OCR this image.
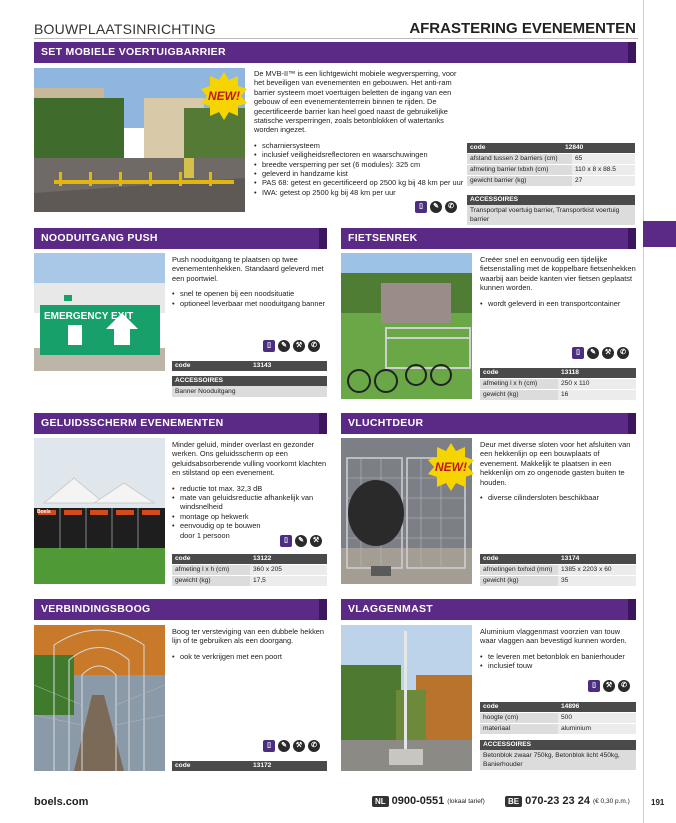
BOUWPLAATSINRICHTING	AFRASTERING EVENEMENTEN
SET MOBIELE VOERTUIGBARRIER
NEW!

De MVB-II™ is een lichtgewicht mobiele wegversperring, voor het beveiligen van evenementen en gebouwen. Het anti-ram barrier systeem moet voertuigen beletten de ingang van een gebouw of een evenemententerrein binnen te rijden. De gecertificeerde barrier kan heel goed naast de gebruikelijke statische versperringen, zoals betonblokken of watertanks worden ingezet.

• scharniersysteem
• inclusief veiligheidsreflectoren en waarschuwingen
• breedte versperring per set (6 modules): 325 cm
• geleverd in handzame kist
• PAS 68: getest en gecertificeerd op 2500 kg bij 48 km per uur
• IWA: getest op 2500 kg bij 48 km per uur
code	12840
afstand tussen 2 barriers (cm)	65
afmeting barrier lxbxh (cm)	110 x 8 x 88.5
gewicht barrier (kg)	27
ACCESSOIRES
Transportpal voertuig barrier, Transportkist voertuig barrier
▯	✎	✆
NOODUITGANG PUSH
EMERGENCY EXIT

Push nooduitgang te plaatsen op twee evenementenhekken. Standaard geleverd met een poortwiel.

• snel te openen bij een noodsituatie
• optioneel leverbaar met nooduitgang banner
▯	✎	⚒	✆
code	13143
ACCESSOIRES
Banner Nooduitgang
FIETSENREK

Creëer snel en eenvoudig een tijdelijke fietsenstalling met de koppelbare fietsenhekken waarbij aan beide kanten vier fietsen geplaatst kunnen worden.

• wordt geleverd in een transportcontainer
▯	✎	⚒	✆
code	13118
afmeting l x h (cm)	250 x 110
gewicht (kg)	16
GELUIDSSCHERM EVENEMENTEN
Boels

Minder geluid, minder overlast en gezonder werken. Ons geluidsscherm op een geluidsabsorberende vulling voorkomt klachten en stilstand op een evenement.

• reductie tot max. 32,3 dB
• mate van geluidsreductie afhankelijk van windsnelheid
• montage op hekwerk
• eenvoudig op te bouwen door 1 persoon
▯	✎	⚒
code	13122
afmeting l x h (cm)	360 x 205
gewicht (kg)	17,5
VLUCHTDEUR
NEW!

Deur met diverse sloten voor het afsluiten van een hekkenlijn op een bouwplaats of evenement. Makkelijk te plaatsen in een hekkenlijn om zo ongenode gasten buiten te houden.

• diverse cilindersloten beschikbaar
code	13174
afmetingen bxhxd (mm)	1385 x 2203 x 60
gewicht (kg)	35
VERBINDINGSBOOG

Boog ter versteviging van een dubbele hekken lijn of te gebruiken als een doorgang.

• ook te verkrijgen met een poort
▯	✎	⚒	✆
code	13172
VLAGGENMAST

Aluminium vlaggenmast voorzien van touw waar vlaggen aan bevestigd kunnen worden.

• te leveren met betonblok en banierhouder
• inclusief touw
▯	⚒	✆
code	14896
hoogte (cm)	500
materiaal	aluminium
ACCESSOIRES
Betonblok zwaar 750kg, Betonblok licht 450kg, Banierhouder
boels.com	NL 0900-0551 (lokaal tarief)	BE 070-23 23 24 (€ 0,30 p.m.)	191
